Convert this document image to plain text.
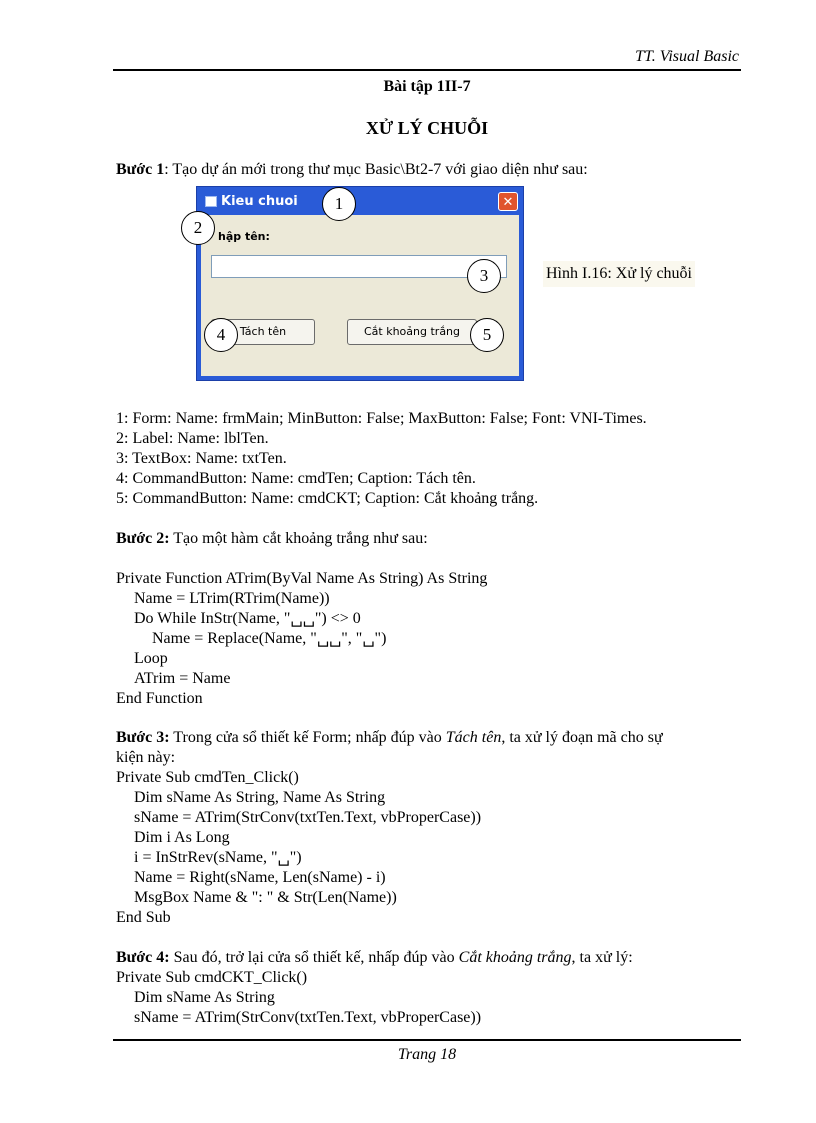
TT. Visual Basic
Bài tập 1II-7
XỬ LÝ CHUỖI
Bước 1: Tạo dự án mới trong thư mục Basic\Bt2-7 với giao diện như sau:
Kieu chuoi	✕
hập tên:
Tách tên	Cắt khoảng trắng
1
2
3
4	5
Hình I.16: Xử lý chuỗi
1: Form: Name: frmMain; MinButton: False; MaxButton: False; Font: VNI-Times.
2: Label: Name: lblTen.
3: TextBox: Name: txtTen.
4: CommandButton: Name: cmdTen; Caption: Tách tên.
5: CommandButton: Name: cmdCKT; Caption: Cắt khoảng trắng.
Bước 2: Tạo một hàm cắt khoảng trắng như sau:
Private Function ATrim(ByVal Name As String) As String
Name = LTrim(RTrim(Name))
Do While InStr(Name, "␣␣") <> 0
Name = Replace(Name, "␣␣", "␣")
Loop
ATrim = Name
End Function
Bước 3: Trong cửa sổ thiết kế Form; nhấp đúp vào Tách tên, ta xử lý đoạn mã cho sự
kiện này:
Private Sub cmdTen_Click()
Dim sName As String, Name As String
sName = ATrim(StrConv(txtTen.Text, vbProperCase))
Dim i As Long
i = InStrRev(sName, "␣")
Name = Right(sName, Len(sName) - i)
MsgBox Name & ": " & Str(Len(Name))
End Sub
Bước 4: Sau đó, trở lại cửa sổ thiết kế, nhấp đúp vào Cắt khoảng trắng, ta xử lý:
Private Sub cmdCKT_Click()
Dim sName As String
sName = ATrim(StrConv(txtTen.Text, vbProperCase))
Trang 18
